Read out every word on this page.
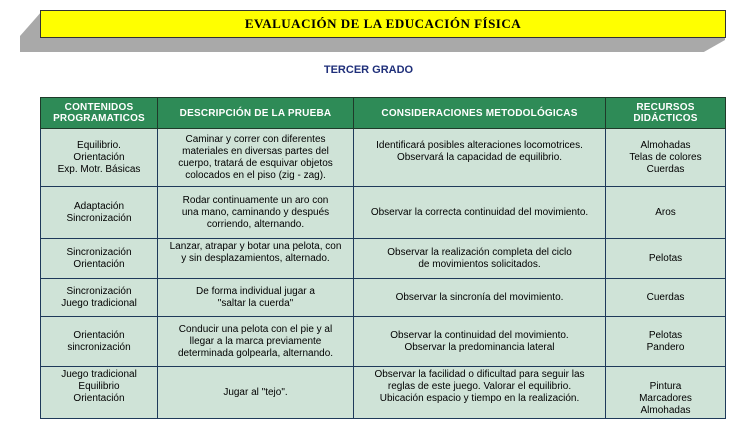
EVALUACIÓN DE LA EDUCACIÓN FÍSICA
TERCER GRADO
CONTENIDOS
PROGRAMATICOS	DESCRIPCIÓN DE LA PRUEBA	CONSIDERACIONES METODOLÓGICAS	RECURSOS
DIDÁCTICOS

Equilibrio.
Orientación
Exp. Motr. Básicas	Caminar y correr con diferentes
materiales en diversas partes del
cuerpo, tratará de esquivar objetos
colocados en el piso (zig - zag).	Identificará posibles alteraciones locomotrices.
Observará la capacidad de equilibrio.	Almohadas
Telas de colores
Cuerdas

Adaptación
Sincronización	Rodar continuamente un aro con
una mano, caminando y después
corriendo, alternando.	Observar la correcta continuidad del movimiento.	Aros

Sincronización
Orientación	Lanzar, atrapar y botar una pelota, con
y sin desplazamientos, alternado.	Observar la realización completa del ciclo
de movimientos solicitados.	Pelotas

Sincronización
Juego tradicional	De forma individual jugar a
"saltar la cuerda"	Observar la sincronía del movimiento.	Cuerdas

Orientación
sincronización	Conducir una pelota con el pie y al
llegar a la marca previamente
determinada golpearla, alternando.	Observar la continuidad del movimiento.
Observar la predominancia lateral	Pelotas
Pandero

Juego tradicional
Equilibrio
Orientación	Jugar al "tejo".	Observar la facilidad o dificultad para seguir las
reglas de este juego. Valorar el equilibrio.
Ubicación espacio y tiempo en la realización.	Pintura
Marcadores
Almohadas
